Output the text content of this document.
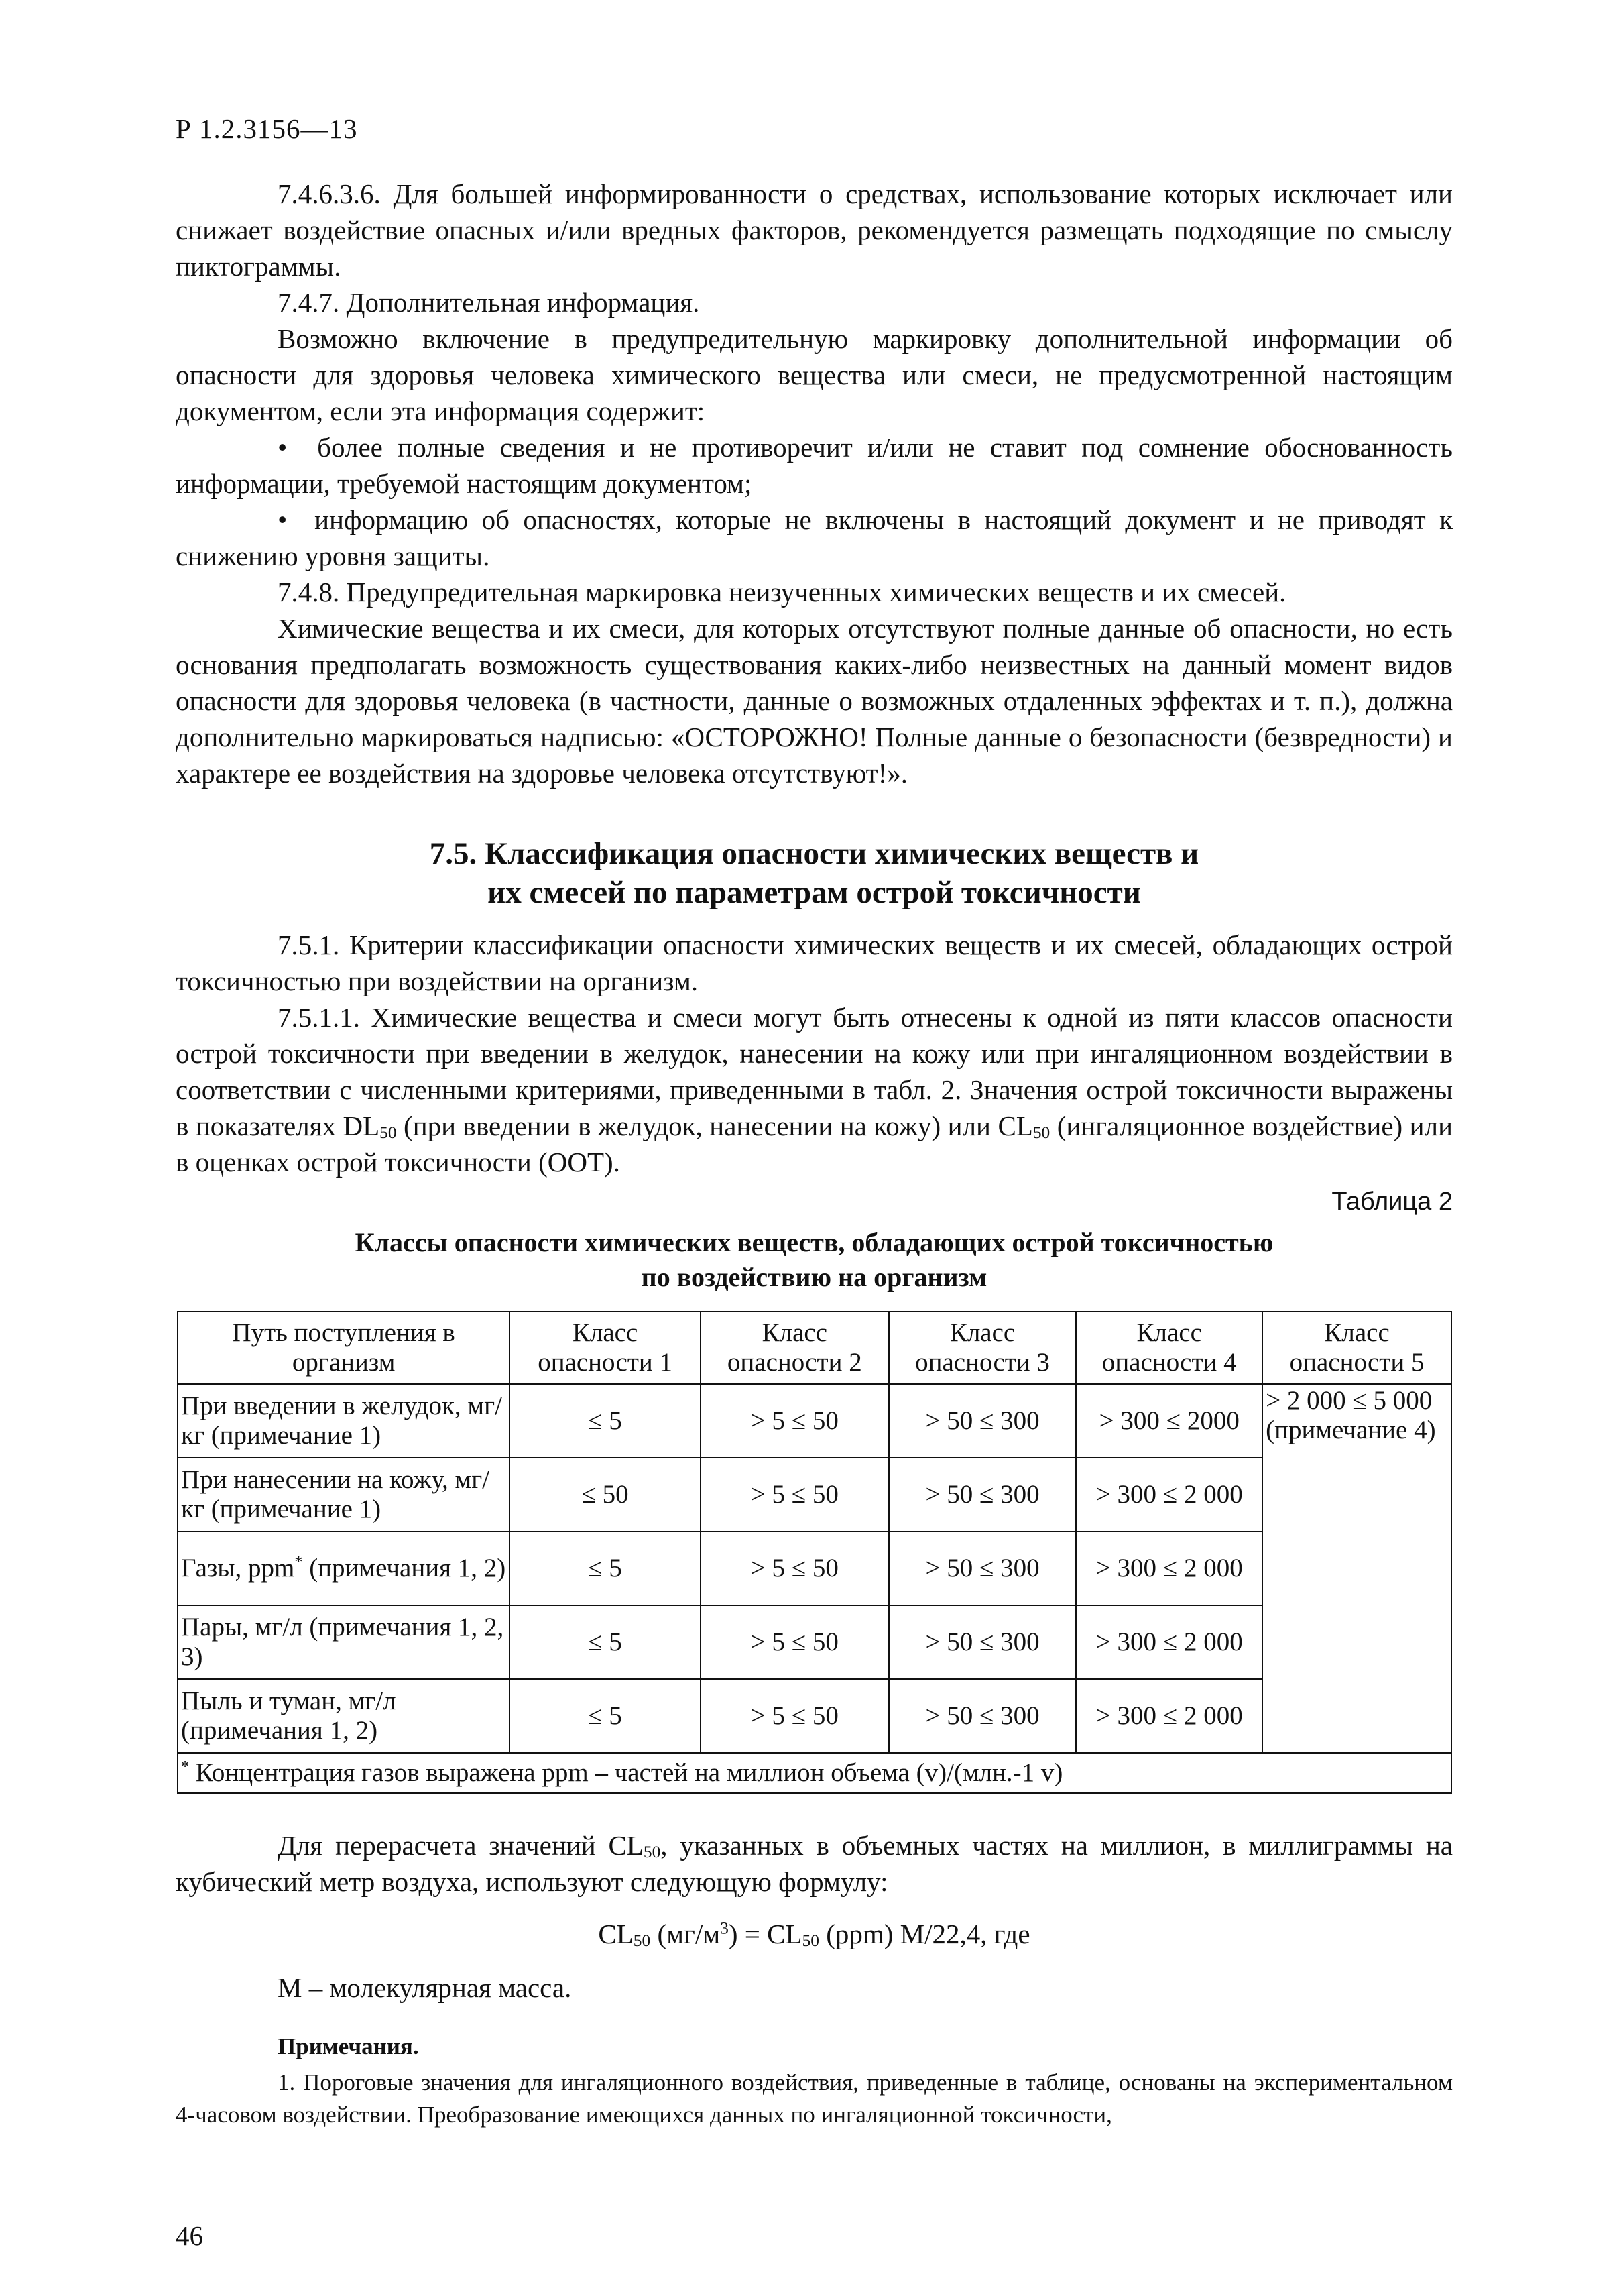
Р 1.2.3156—13

7.4.6.3.6. Для большей информированности о средствах, использование которых исключает или снижает воздействие опасных и/или вредных факторов, рекомендуется размещать подходящие по смыслу пиктограммы.

7.4.7. Дополнительная информация.

Возможно включение в предупредительную маркировку дополнительной информации об опасности для здоровья человека химического вещества или смеси, не предусмотренной настоящим документом, если эта информация содержит:

•  более полные сведения и не противоречит и/или не ставит под сомнение обоснованность информации, требуемой настоящим документом;

•  информацию об опасностях, которые не включены в настоящий документ и не приводят к снижению уровня защиты.

7.4.8. Предупредительная маркировка неизученных химических веществ и их смесей.

Химические вещества и их смеси, для которых отсутствуют полные данные об опасности, но есть основания предполагать возможность существования каких-либо неизвестных на данный момент видов опасности для здоровья человека (в частности, данные о возможных отдаленных эффектах и т. п.), должна дополнительно маркироваться надписью: «ОСТОРОЖНО! Полные данные о безопасности (безвредности) и характере ее воздействия на здоровье человека отсутствуют!».

7.5. Классификация опасности химических веществ и
их смесей по параметрам острой токсичности

7.5.1. Критерии классификации опасности химических веществ и их смесей, обладающих острой токсичностью при воздействии на организм.

7.5.1.1. Химические вещества и смеси могут быть отнесены к одной из пяти классов опасности острой токсичности при введении в желудок, нанесении на кожу или при ингаляционном воздействии в соответствии с численными критериями, приведенными в табл. 2. Значения острой токсичности выражены в показателях $DL_{50}$ (при введении в желудок, нанесении на кожу) или $CL_{50}$ (ингаляционное воздействие) или в оценках острой токсичности (ООТ).

Таблица 2
Классы опасности химических веществ, обладающих острой токсичностью
по воздействию на организм
Путь поступления в организм	Класс опасности 1	Класс опасности 2	Класс опасности 3	Класс опасности 4	Класс опасности 5
При введении в желудок, мг/кг (примечание 1)	≤ 5	> 5 ≤ 50	> 50 ≤ 300	> 300 ≤ 2000	> 2 000 ≤ 5 000
(примечание 4)

При нанесении на кожу, мг/кг (примечание 1)	≤ 50	> 5 ≤ 50	> 50 ≤ 300	> 300 ≤ 2 000	
Газы, ppm* (примечания 1, 2)	≤ 5	> 5 ≤ 50	> 50 ≤ 300	> 300 ≤ 2 000	
Пары, мг/л (примечания 1, 2, 3)	≤ 5	> 5 ≤ 50	> 50 ≤ 300	> 300 ≤ 2 000	
Пыль и туман, мг/л (примечания 1, 2)	≤ 5	> 5 ≤ 50	> 50 ≤ 300	> 300 ≤ 2 000	
* Концентрация газов выражена ppm – частей на миллион объема (v)/(млн.-1 v)					

Для перерасчета значений $CL_{50}$, указанных в объемных частях на миллион, в миллиграммы на кубический метр воздуха, используют следующую формулу:

$CL_{50}$ $(мг/м^3) = CL_{50}$ (ppm) M/22,4, где
M – молекулярная масса.
Примечания.

1. Пороговые значения для ингаляционного воздействия, приведенные в таблице, основаны на экспериментальном 4-часовом воздействии. Преобразование имеющихся данных по ингаляционной токсичности,

46
